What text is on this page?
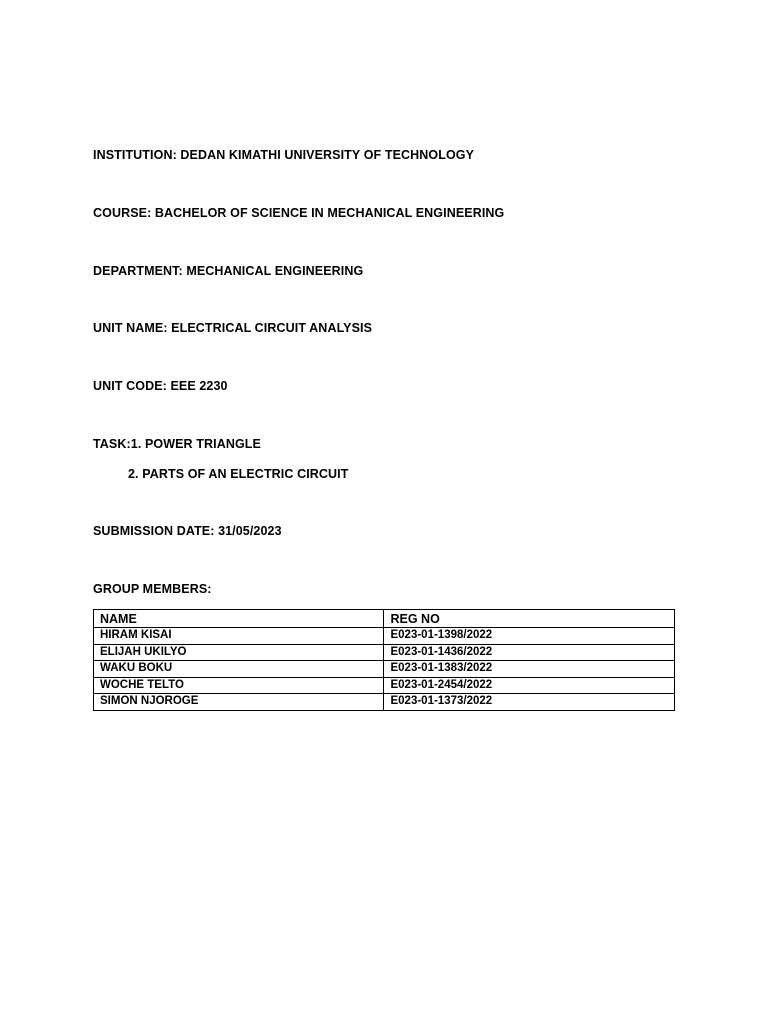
INSTITUTION: DEDAN KIMATHI UNIVERSITY OF TECHNOLOGY
COURSE: BACHELOR OF SCIENCE IN MECHANICAL ENGINEERING
DEPARTMENT: MECHANICAL ENGINEERING
UNIT NAME: ELECTRICAL CIRCUIT ANALYSIS
UNIT CODE: EEE 2230
TASK:1. POWER TRIANGLE
2. PARTS OF AN ELECTRIC CIRCUIT
SUBMISSION DATE: 31/05/2023
GROUP MEMBERS:
NAME	REG NO
HIRAM KISAI	E023-01-1398/2022
ELIJAH UKILYO	E023-01-1436/2022
WAKU BOKU	E023-01-1383/2022
WOCHE TELTO	E023-01-2454/2022
SIMON NJOROGE	E023-01-1373/2022
